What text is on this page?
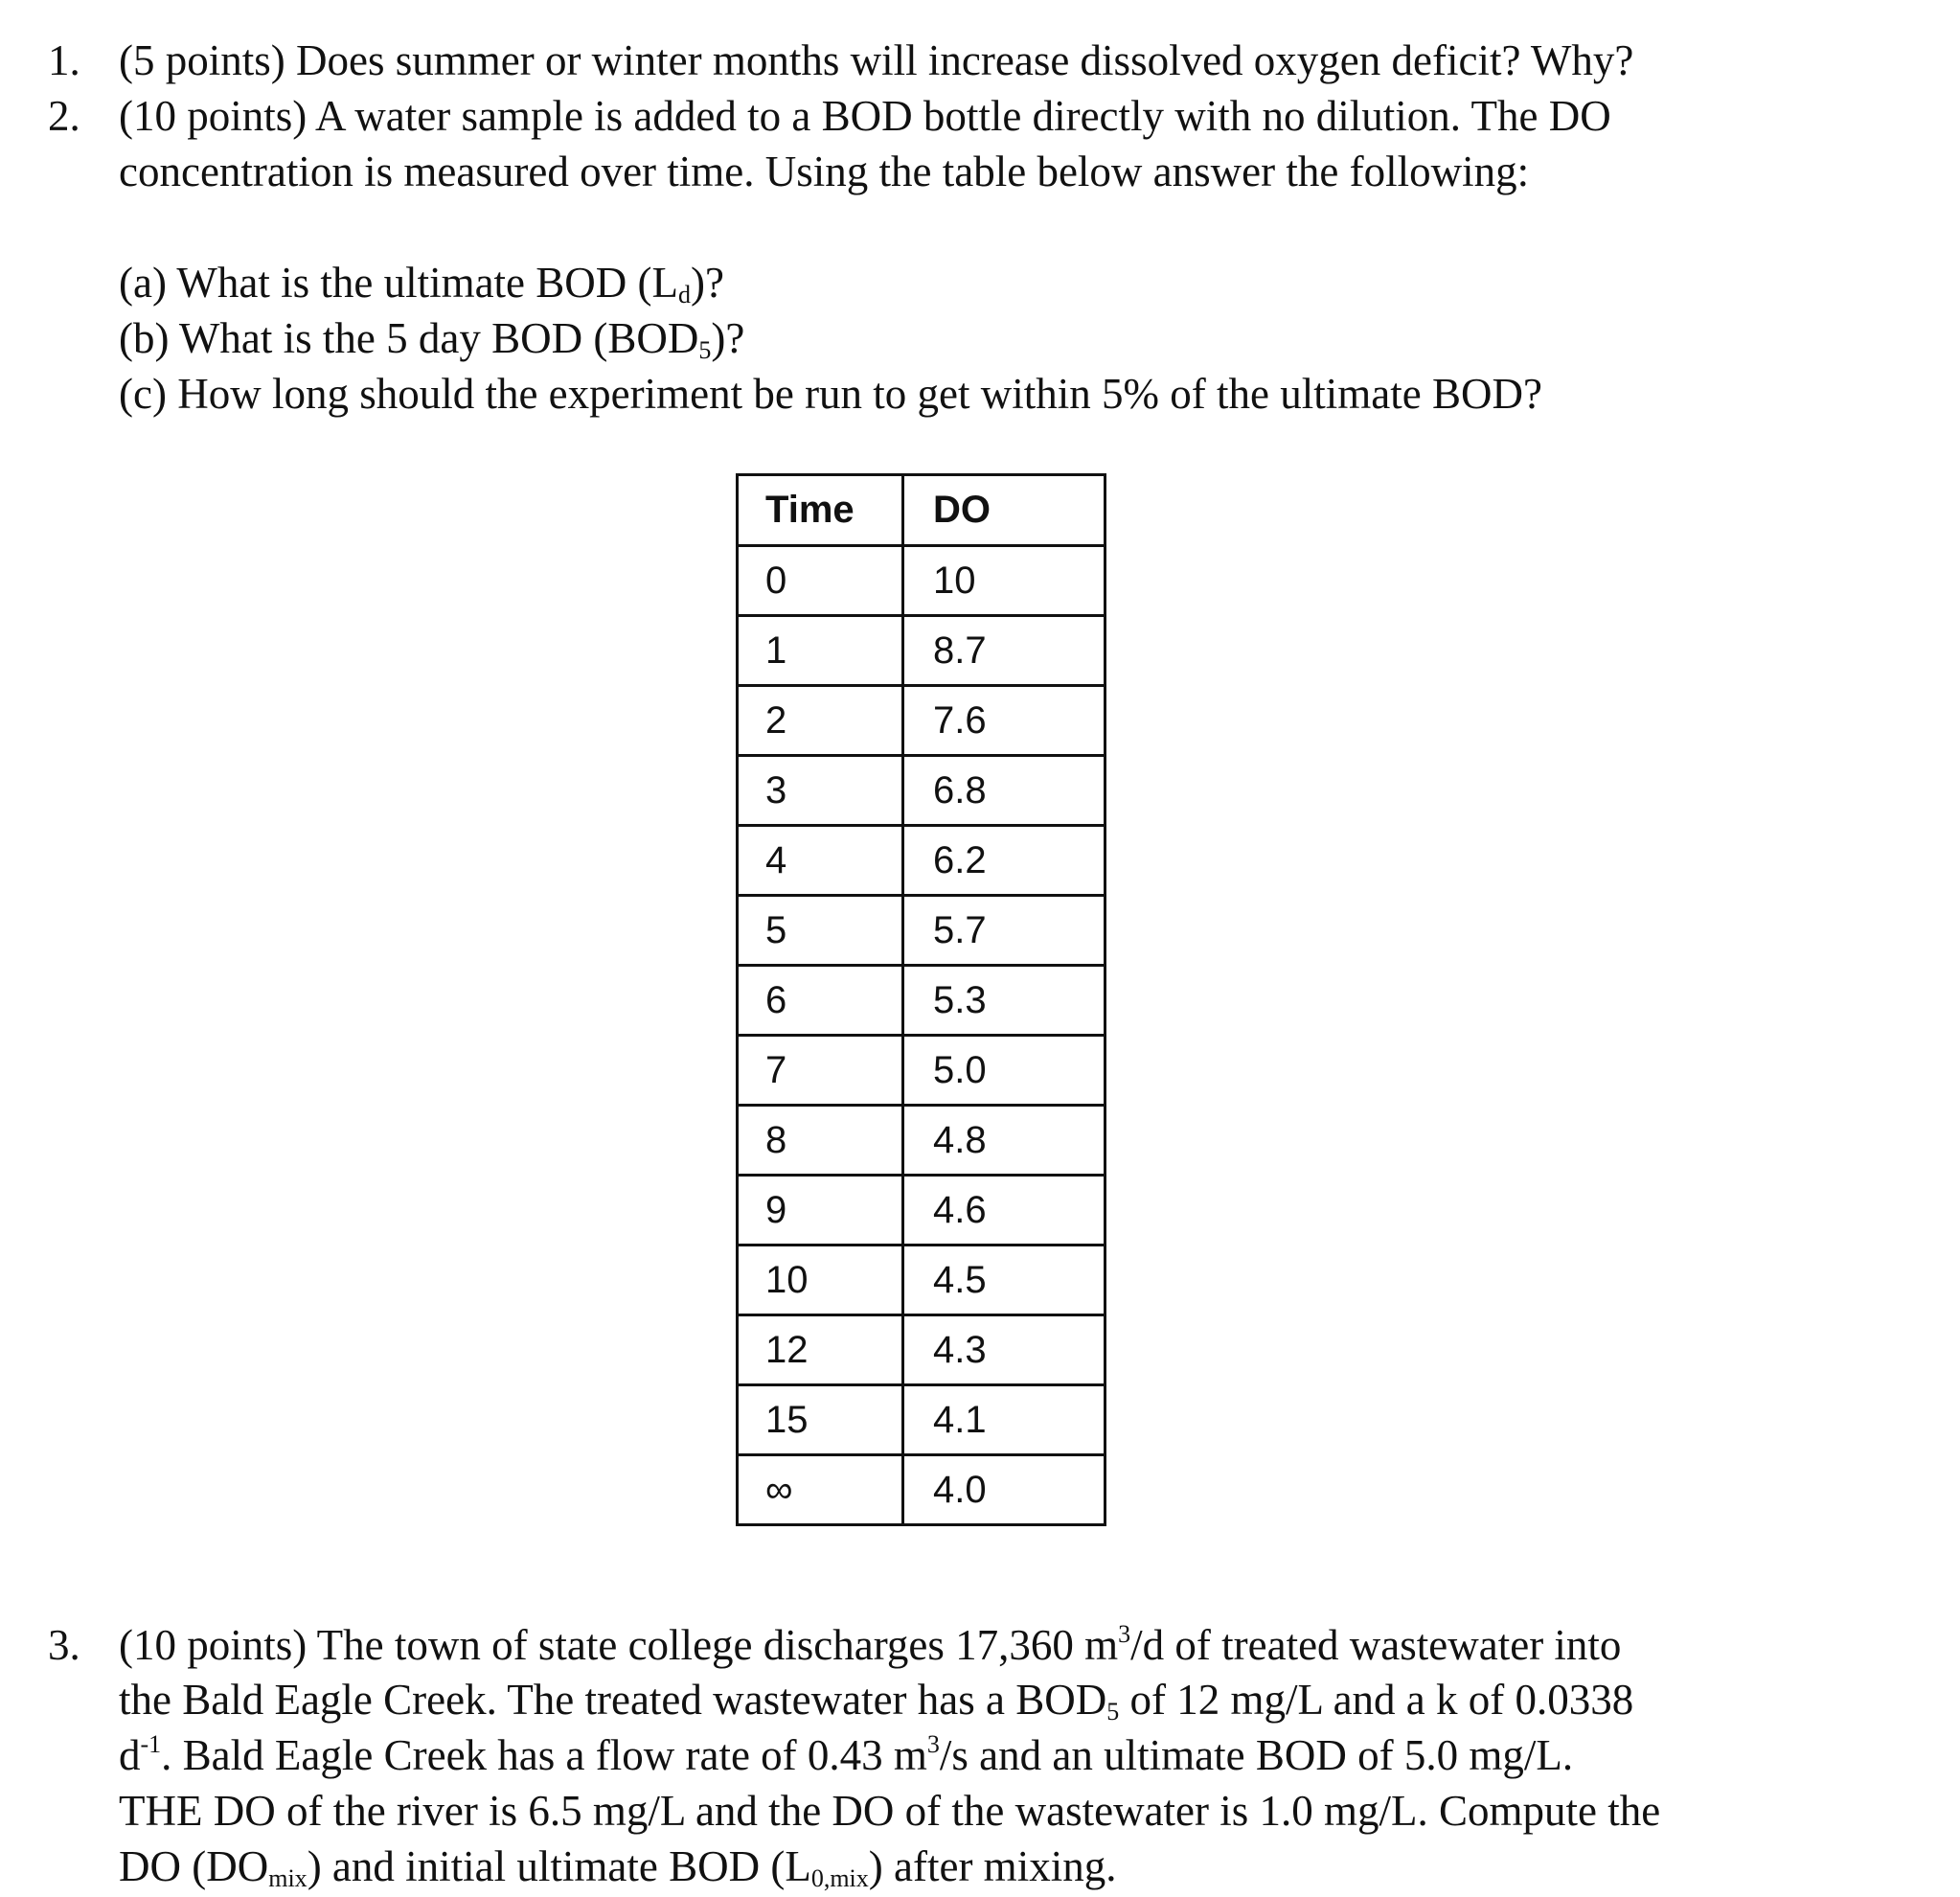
1. (5 points) Does summer or winter months will increase dissolved oxygen deficit? Why?
2. (10 points) A water sample is added to a BOD bottle directly with no dilution. The DO
concentration is measured over time. Using the table below answer the following:
(a) What is the ultimate BOD $(L_d)$?
(b) What is the 5 day BOD $(BOD_5)$?
(c) How long should the experiment be run to get within 5% of the ultimate BOD?
Time	DO
0	10
1	8.7
2	7.6
3	6.8
4	6.2
5	5.7
6	5.3
7	5.0
8	4.8
9	4.6
10	4.5
12	4.3
15	4.1
∞	4.0
3. (10 points) The town of state college discharges 17,360 $m^3/d$ of treated wastewater into
the Bald Eagle Creek. The treated wastewater has a $BOD_5$ of 12 mg/L and a k of 0.0338
$d^{-1}$. Bald Eagle Creek has a flow rate of 0.43 $m^3/s$ and an ultimate BOD of 5.0 mg/L.
THE DO of the river is 6.5 mg/L and the DO of the wastewater is 1.0 mg/L. Compute the
DO $(DO_{mix})$ and initial ultimate BOD $(L_{0,mix})$ after mixing.
